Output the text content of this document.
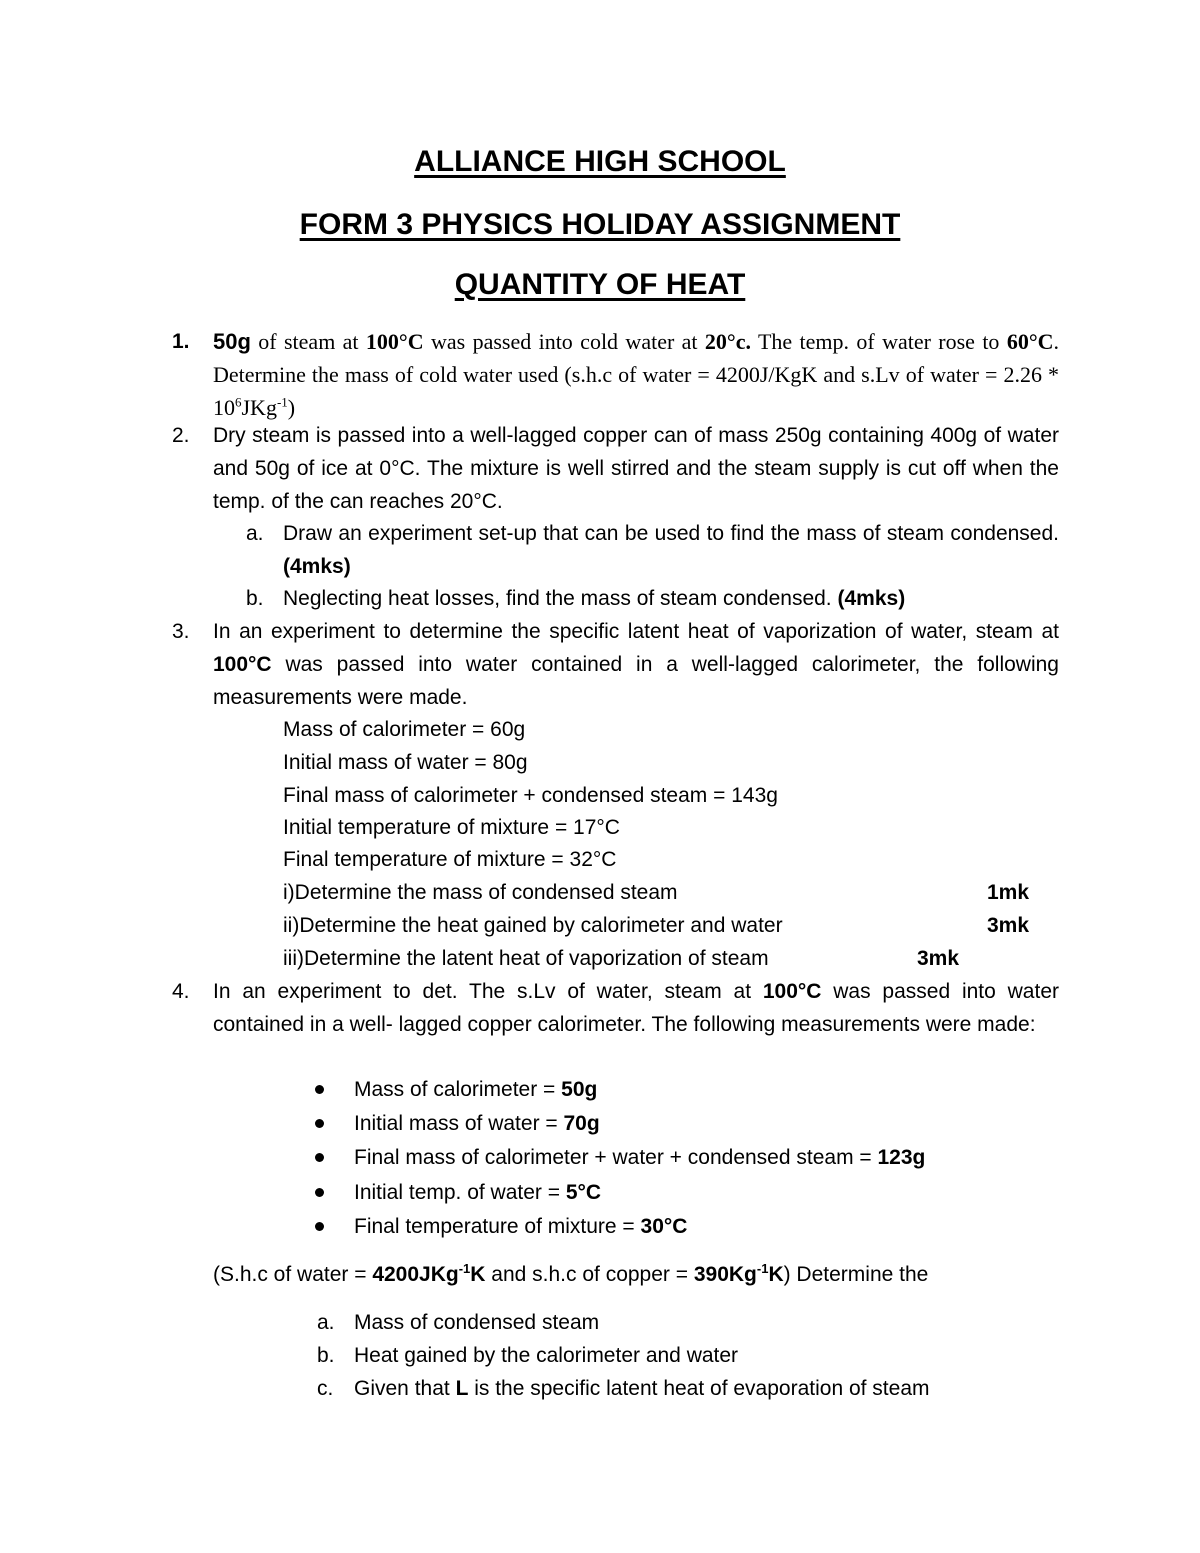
ALLIANCE HIGH SCHOOL
FORM 3 PHYSICS HOLIDAY ASSIGNMENT
QUANTITY OF HEAT
1. 50g of steam at 100°C was passed into cold water at 20°c. The temp. of water rose to 60°C. Determine the mass of cold water used (s.h.c of water = 4200J/KgK and s.Lv of water = $2.26 * 10^6JKg^{-1}$)
2. Dry steam is passed into a well-lagged copper can of mass 250g containing 400g of water and 50g of ice at 0°C. The mixture is well stirred and the steam supply is cut off when the temp. of the can reaches 20°C.
a. Draw an experiment set-up that can be used to find the mass of steam condensed. (4mks)
b. Neglecting heat losses, find the mass of steam condensed. (4mks)
3. In an experiment to determine the specific latent heat of vaporization of water, steam at 100°C was passed into water contained in a well-lagged calorimeter, the following measurements were made.
Mass of calorimeter = 60g
Initial mass of water = 80g
Final mass of calorimeter + condensed steam = 143g
Initial temperature of mixture = 17°C
Final temperature of mixture = 32°C
i)Determine the mass of condensed steam	1mk
ii)Determine the heat gained by calorimeter and water	3mk
iii)Determine the latent heat of vaporization of steam	3mk
4. In an experiment to det. The s.Lv of water, steam at 100°C was passed into water contained in a well- lagged copper calorimeter. The following measurements were made:
Mass of calorimeter = 50g
Initial mass of water = 70g
Final mass of calorimeter + water + condensed steam = 123g
Initial temp. of water = 5°C
Final temperature of mixture = 30°C
(S.h.c of water = 4200JKg$^{-1}$K and s.h.c of copper = $390Kg^{-1}K$) Determine the
a. Mass of condensed steam
b. Heat gained by the calorimeter and water
c. Given that L is the specific latent heat of evaporation of steam
